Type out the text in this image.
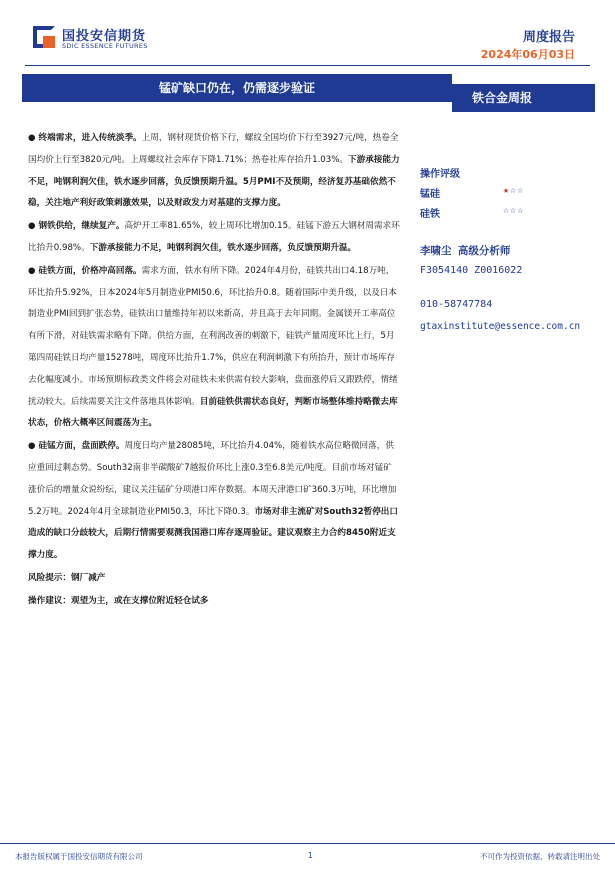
国投安信期货
SDIC ESSENCE FUTURES
周度报告
2024年06月03日
锰矿缺口仍在，仍需逐步验证
铁合金周报
● 终端需求，进入传统淡季。上周，钢材现货价格下行，螺纹全国均价下行至3927元/吨，热卷全国均价上行至3820元/吨。上周螺纹社会库存下降1.71%；热卷社库存抬升1.03%。下游承接能力不足，吨钢利润欠佳，铁水逐步回落，负反馈预期升温。5月PMI不及预期，经济复苏基础依然不稳，关注地产利好政策刺激效果，以及财政发力对基建的支撑力度。
● 钢铁供给，继续复产。高炉开工率81.65%，较上周环比增加0.15。硅锰下游五大钢材周需求环比抬升0.98%。下游承接能力不足，吨钢利润欠佳，铁水逐步回落，负反馈预期升温。
● 硅铁方面，价格冲高回落。需求方面，铁水有所下降。2024年4月份，硅铁共出口4.18万吨，环比抬升5.92%，日本2024年5月制造业PMI50.6，环比抬升0.8。随着国际中美升级，以及日本制造业PMI回到扩张态势，硅铁出口量维持年初以来新高，并且高于去年同期。金属镁开工率高位有所下滑，对硅铁需求略有下降。供给方面，在利润改善的刺激下，硅铁产量周度环比上行，5月第四周硅铁日均产量15278吨，周度环比抬升1.7%，供应在利润刺激下有所抬升，预计市场库存去化幅度减小。市场预期标政类文件将会对硅铁未来供需有较大影响，盘面涨停后又跟跌停，情绪扰动较大。后续需要关注文件落地具体影响。目前硅铁供需状态良好，判断市场整体维持略微去库状态，价格大概率区间震荡为主。
● 硅锰方面，盘面跌停。周度日均产量28085吨，环比抬升4.04%，随着铁水高位略微回落，供应重回过剩态势。South32南非半碳酸矿7越报价环比上涨0.3至6.8美元/吨度。目前市场对锰矿涨价后的增量众说纷纭，建议关注锰矿分项港口库存数据。本周天津港口矿360.3万吨，环比增加5.2万吨。2024年4月全球制造业PMI50.3，环比下降0.3。市场对非主流矿对South32暂停出口造成的缺口分歧较大，后期行情需要观测我国港口库存逐周验证。建议观察主力合约8450附近支撑力度。
风险提示：钢厂减产
操作建议：观望为主，或在支撑位附近轻仓试多
操作评级
锰硅	★☆☆
硅铁	☆☆☆
李啸尘 高级分析师
F3054140 Z0016022
010-58747784
gtaxinstitute@essence.com.cn
本报告版权属于国投安信期货有限公司	1	不可作为投资依据，转载请注明出处
